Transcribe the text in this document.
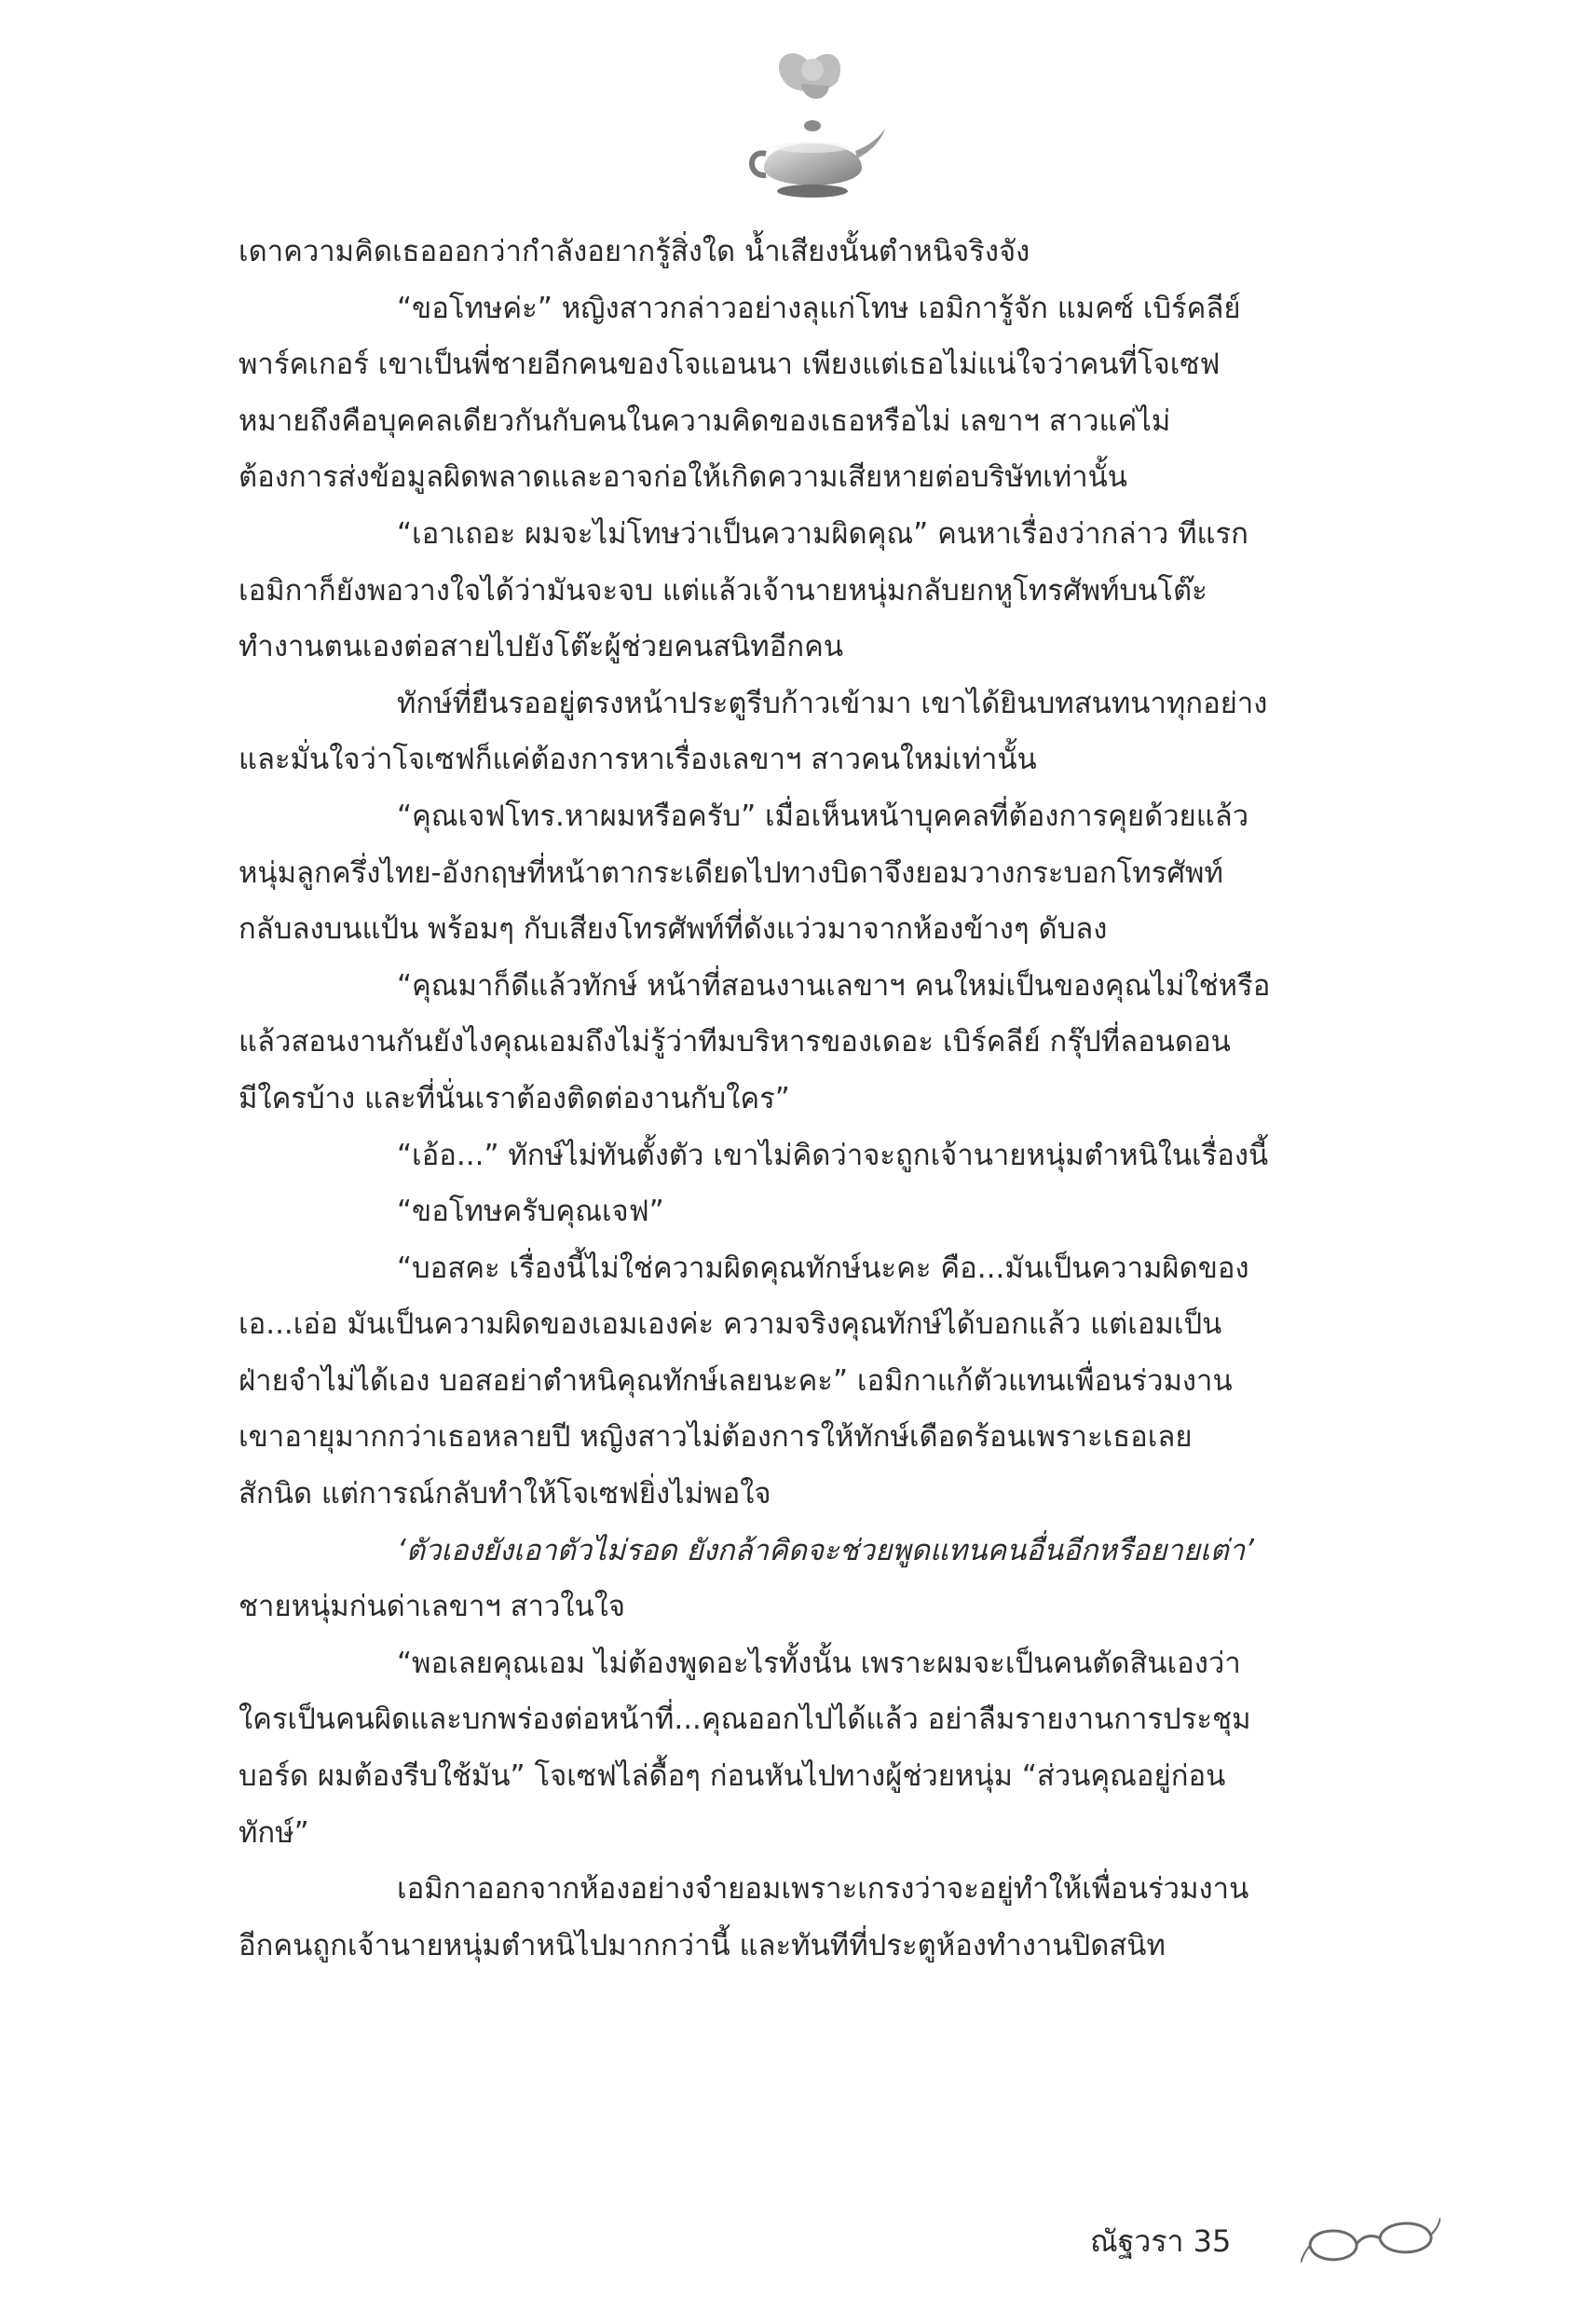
เดาความคิดเธอออกว่ากำลังอยากรู้สิ่งใด น้ำเสียงนั้นตำหนิจริงจัง
“ขอโทษค่ะ” หญิงสาวกล่าวอย่างลุแก่โทษ เอมิการู้จัก แมคซ์ เบิร์คลีย์
พาร์คเกอร์ เขาเป็นพี่ชายอีกคนของโจแอนนา เพียงแต่เธอไม่แน่ใจว่าคนที่โจเซฟ
หมายถึงคือบุคคลเดียวกันกับคนในความคิดของเธอหรือไม่ เลขาฯ สาวแค่ไม่
ต้องการส่งข้อมูลผิดพลาดและอาจก่อให้เกิดความเสียหายต่อบริษัทเท่านั้น
“เอาเถอะ ผมจะไม่โทษว่าเป็นความผิดคุณ” คนหาเรื่องว่ากล่าว ทีแรก
เอมิกาก็ยังพอวางใจได้ว่ามันจะจบ แต่แล้วเจ้านายหนุ่มกลับยกหูโทรศัพท์บนโต๊ะ
ทำงานตนเองต่อสายไปยังโต๊ะผู้ช่วยคนสนิทอีกคน
ทักษ์ที่ยืนรออยู่ตรงหน้าประตูรีบก้าวเข้ามา เขาได้ยินบทสนทนาทุกอย่าง
และมั่นใจว่าโจเซฟก็แค่ต้องการหาเรื่องเลขาฯ สาวคนใหม่เท่านั้น
“คุณเจฟโทร.หาผมหรือครับ” เมื่อเห็นหน้าบุคคลที่ต้องการคุยด้วยแล้ว
หนุ่มลูกครึ่งไทย-อังกฤษที่หน้าตากระเดียดไปทางบิดาจึงยอมวางกระบอกโทรศัพท์
กลับลงบนแป้น พร้อมๆ กับเสียงโทรศัพท์ที่ดังแว่วมาจากห้องข้างๆ ดับลง
“คุณมาก็ดีแล้วทักษ์ หน้าที่สอนงานเลขาฯ คนใหม่เป็นของคุณไม่ใช่หรือ
แล้วสอนงานกันยังไงคุณเอมถึงไม่รู้ว่าทีมบริหารของเดอะ เบิร์คลีย์ กรุ๊ปที่ลอนดอน
มีใครบ้าง และที่นั่นเราต้องติดต่องานกับใคร”
“เอ้อ...” ทักษ์ไม่ทันตั้งตัว เขาไม่คิดว่าจะถูกเจ้านายหนุ่มตำหนิในเรื่องนี้
“ขอโทษครับคุณเจฟ”
“บอสคะ เรื่องนี้ไม่ใช่ความผิดคุณทักษ์นะคะ คือ...มันเป็นความผิดของ
เอ...เอ่อ มันเป็นความผิดของเอมเองค่ะ ความจริงคุณทักษ์ได้บอกแล้ว แต่เอมเป็น
ฝ่ายจำไม่ได้เอง บอสอย่าตำหนิคุณทักษ์เลยนะคะ” เอมิกาแก้ตัวแทนเพื่อนร่วมงาน
เขาอายุมากกว่าเธอหลายปี หญิงสาวไม่ต้องการให้ทักษ์เดือดร้อนเพราะเธอเลย
สักนิด แต่การณ์กลับทำให้โจเซฟยิ่งไม่พอใจ
‘ตัวเองยังเอาตัวไม่รอด ยังกล้าคิดจะช่วยพูดแทนคนอื่นอีกหรือยายเต่า’
ชายหนุ่มก่นด่าเลขาฯ สาวในใจ
“พอเลยคุณเอม ไม่ต้องพูดอะไรทั้งนั้น เพราะผมจะเป็นคนตัดสินเองว่า
ใครเป็นคนผิดและบกพร่องต่อหน้าที่...คุณออกไปได้แล้ว อย่าลืมรายงานการประชุม
บอร์ด ผมต้องรีบใช้มัน” โจเซฟไล่ดื้อๆ ก่อนหันไปทางผู้ช่วยหนุ่ม “ส่วนคุณอยู่ก่อน
ทักษ์”
เอมิกาออกจากห้องอย่างจำยอมเพราะเกรงว่าจะอยู่ทำให้เพื่อนร่วมงาน
อีกคนถูกเจ้านายหนุ่มตำหนิไปมากกว่านี้ และทันทีที่ประตูห้องทำงานปิดสนิท
ณัฐวรา 35
